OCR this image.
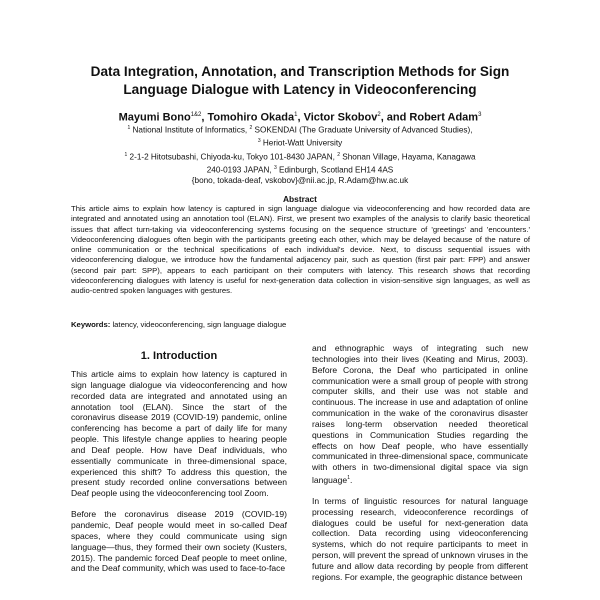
Data Integration, Annotation, and Transcription Methods for Sign
Language Dialogue with Latency in Videoconferencing
Mayumi Bono$^{1\&2}$, Tomohiro Okada$^1$, Victor Skobov$^2$, and Robert Adam$^3$
$^1$ National Institute of Informatics, $^2$ SOKENDAI (The Graduate University of Advanced Studies),
$^3$ Heriot-Watt University
$^1$ 2-1-2 Hitotsubashi, Chiyoda-ku, Tokyo 101-8430 JAPAN, $^2$ Shonan Village, Hayama, Kanagawa
240-0193 JAPAN, $^3$ Edinburgh, Scotland EH14 4AS
{bono, tokada-deaf, vskobov}@nii.ac.jp, R.Adam@hw.ac.uk
Abstract
This article aims to explain how latency is captured in sign language dialogue via videoconferencing and how recorded data are integrated and annotated using an annotation tool (ELAN). First, we present two examples of the analysis to clarify basic theoretical issues that affect turn-taking via videoconferencing systems focusing on the sequence structure of 'greetings' and 'encounters.' Videoconferencing dialogues often begin with the participants greeting each other, which may be delayed because of the nature of online communication or the technical specifications of each individual's device. Next, to discuss sequential issues with videoconferencing dialogue, we introduce how the fundamental adjacency pair, such as question (first pair part: FPP) and answer (second pair part: SPP), appears to each participant on their computers with latency. This research shows that recording videoconferencing dialogues with latency is useful for next-generation data collection in vision-sensitive sign languages, as well as audio-centred spoken languages with gestures.
Keywords: latency, videoconferencing, sign language dialogue
1. Introduction

This article aims to explain how latency is captured in sign language dialogue via videoconferencing and how recorded data are integrated and annotated using an annotation tool (ELAN). Since the start of the coronavirus disease 2019 (COVID-19) pandemic, online conferencing has become a part of daily life for many people. This lifestyle change applies to hearing people and Deaf people. How have Deaf individuals, who essentially communicate in three-dimensional space, experienced this shift? To address this question, the present study recorded online conversations between Deaf people using the videoconferencing tool Zoom.

Before the coronavirus disease 2019 (COVID-19) pandemic, Deaf people would meet in so-called Deaf spaces, where they could communicate using sign language—thus, they formed their own society (Kusters, 2015). The pandemic forced Deaf people to meet online, and the Deaf community, which was used to face-to-face

and ethnographic ways of integrating such new technologies into their lives (Keating and Mirus, 2003). Before Corona, the Deaf who participated in online communication were a small group of people with strong computer skills, and their use was not stable and continuous. The increase in use and adaptation of online communication in the wake of the coronavirus disaster raises long-term observation needed theoretical questions in Communication Studies regarding the effects on how Deaf people, who have essentially communicated in three-dimensional space, communicate with others in two-dimensional digital space via sign language$^1$.

In terms of linguistic resources for natural language processing research, videoconference recordings of dialogues could be useful for next-generation data collection. Data recording using videoconferencing systems, which do not require participants to meet in person, will prevent the spread of unknown viruses in the future and allow data recording by people from different regions. For example, the geographic distance between
